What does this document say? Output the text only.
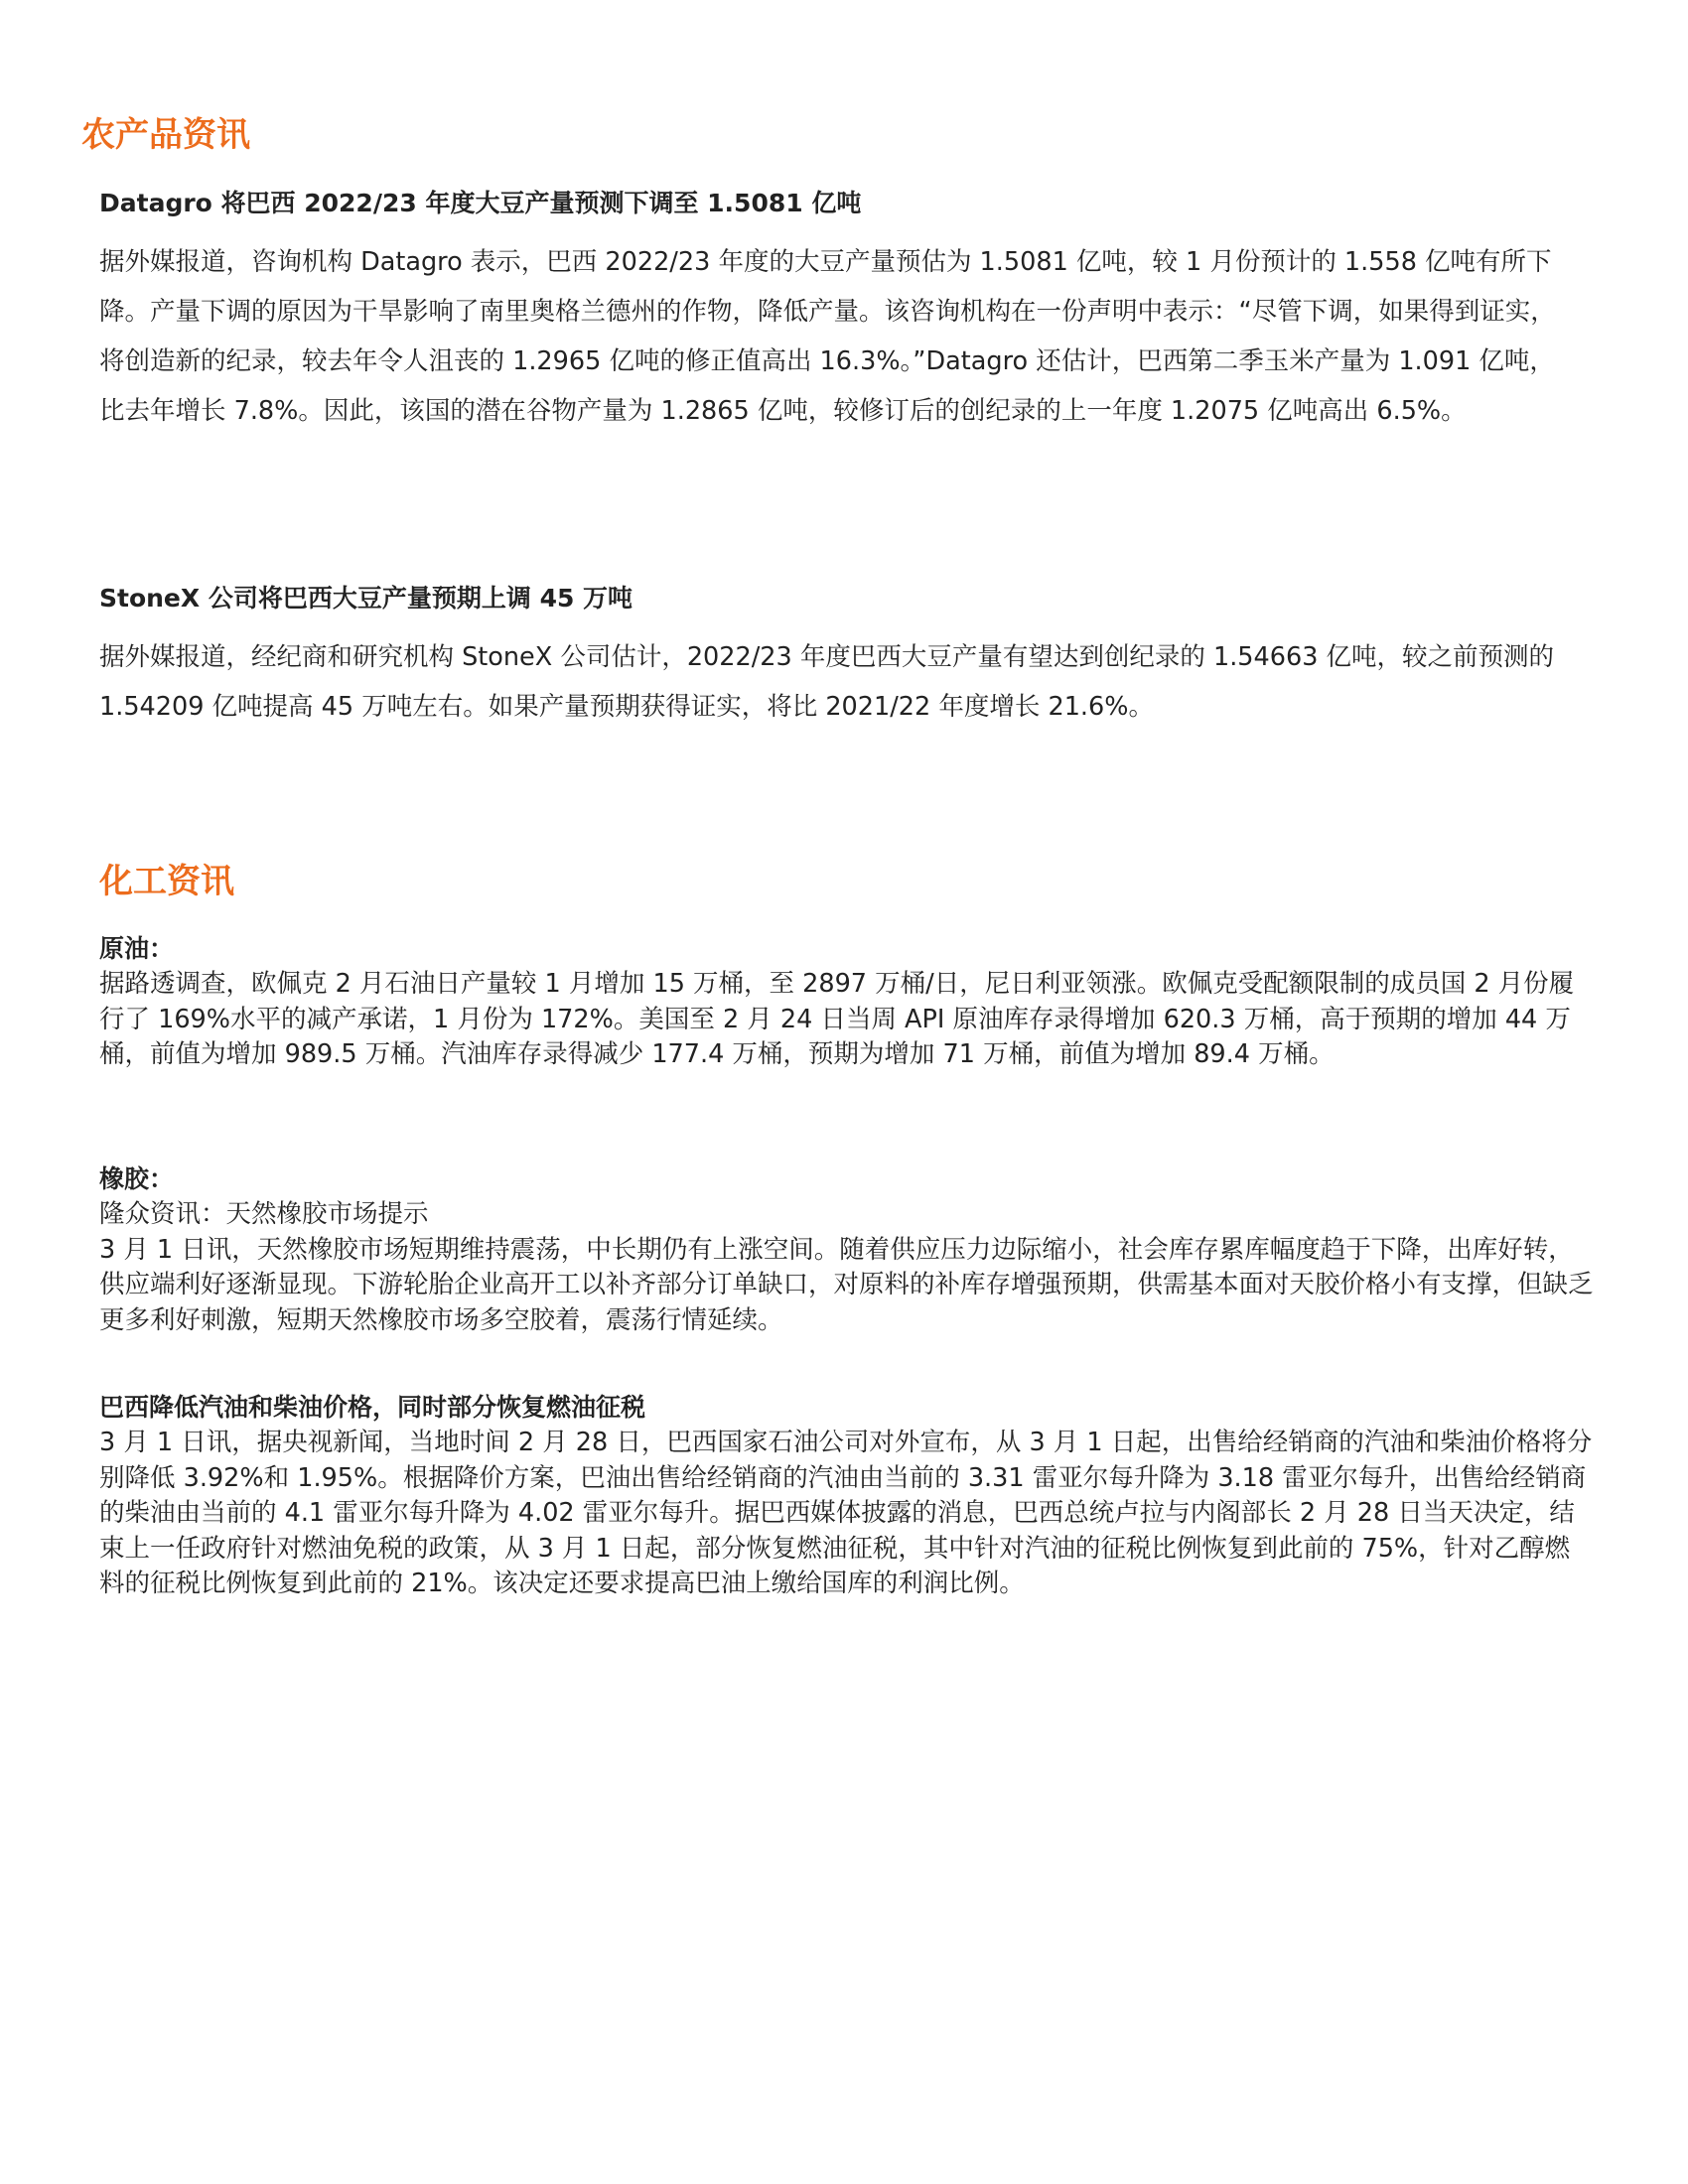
农产品资讯
Datagro 将巴西 2022/23 年度大豆产量预测下调至 1.5081 亿吨

据外媒报道，咨询机构 Datagro 表示，巴西 2022/23 年度的大豆产量预估为 1.5081 亿吨，较 1 月份预计的 1.558 亿吨有所下降。产量下调的原因为干旱影响了南里奥格兰德州的作物，降低产量。该咨询机构在一份声明中表示：“尽管下调，如果得到证实，将创造新的纪录，较去年令人沮丧的 1.2965 亿吨的修正值高出 16.3%。”Datagro 还估计，巴西第二季玉米产量为 1.091 亿吨，比去年增长 7.8%。因此，该国的潜在谷物产量为 1.2865 亿吨，较修订后的创纪录的上一年度 1.2075 亿吨高出 6.5%。

StoneX 公司将巴西大豆产量预期上调 45 万吨

据外媒报道，经纪商和研究机构 StoneX 公司估计，2022/23 年度巴西大豆产量有望达到创纪录的 1.54663 亿吨，较之前预测的 1.54209 亿吨提高 45 万吨左右。如果产量预期获得证实，将比 2021/22 年度增长 21.6%。

化工资讯
原油：

据路透调查，欧佩克 2 月石油日产量较 1 月增加 15 万桶，至 2897 万桶/日，尼日利亚领涨。欧佩克受配额限制的成员国 2 月份履行了 169%水平的减产承诺，1 月份为 172%。美国至 2 月 24 日当周 API 原油库存录得增加 620.3 万桶，高于预期的增加 44 万桶，前值为增加 989.5 万桶。汽油库存录得减少 177.4 万桶，预期为增加 71 万桶，前值为增加 89.4 万桶。

橡胶：

隆众资讯：天然橡胶市场提示

3 月 1 日讯，天然橡胶市场短期维持震荡，中长期仍有上涨空间。随着供应压力边际缩小，社会库存累库幅度趋于下降，出库好转，供应端利好逐渐显现。下游轮胎企业高开工以补齐部分订单缺口，对原料的补库存增强预期，供需基本面对天胶价格小有支撑，但缺乏更多利好刺激，短期天然橡胶市场多空胶着，震荡行情延续。

巴西降低汽油和柴油价格，同时部分恢复燃油征税

3 月 1 日讯，据央视新闻，当地时间 2 月 28 日，巴西国家石油公司对外宣布，从 3 月 1 日起，出售给经销商的汽油和柴油价格将分别降低 3.92%和 1.95%。根据降价方案，巴油出售给经销商的汽油由当前的 3.31 雷亚尔每升降为 3.18 雷亚尔每升，出售给经销商的柴油由当前的 4.1 雷亚尔每升降为 4.02 雷亚尔每升。据巴西媒体披露的消息，巴西总统卢拉与内阁部长 2 月 28 日当天决定，结束上一任政府针对燃油免税的政策，从 3 月 1 日起，部分恢复燃油征税，其中针对汽油的征税比例恢复到此前的 75%，针对乙醇燃料的征税比例恢复到此前的 21%。该决定还要求提高巴油上缴给国库的利润比例。
